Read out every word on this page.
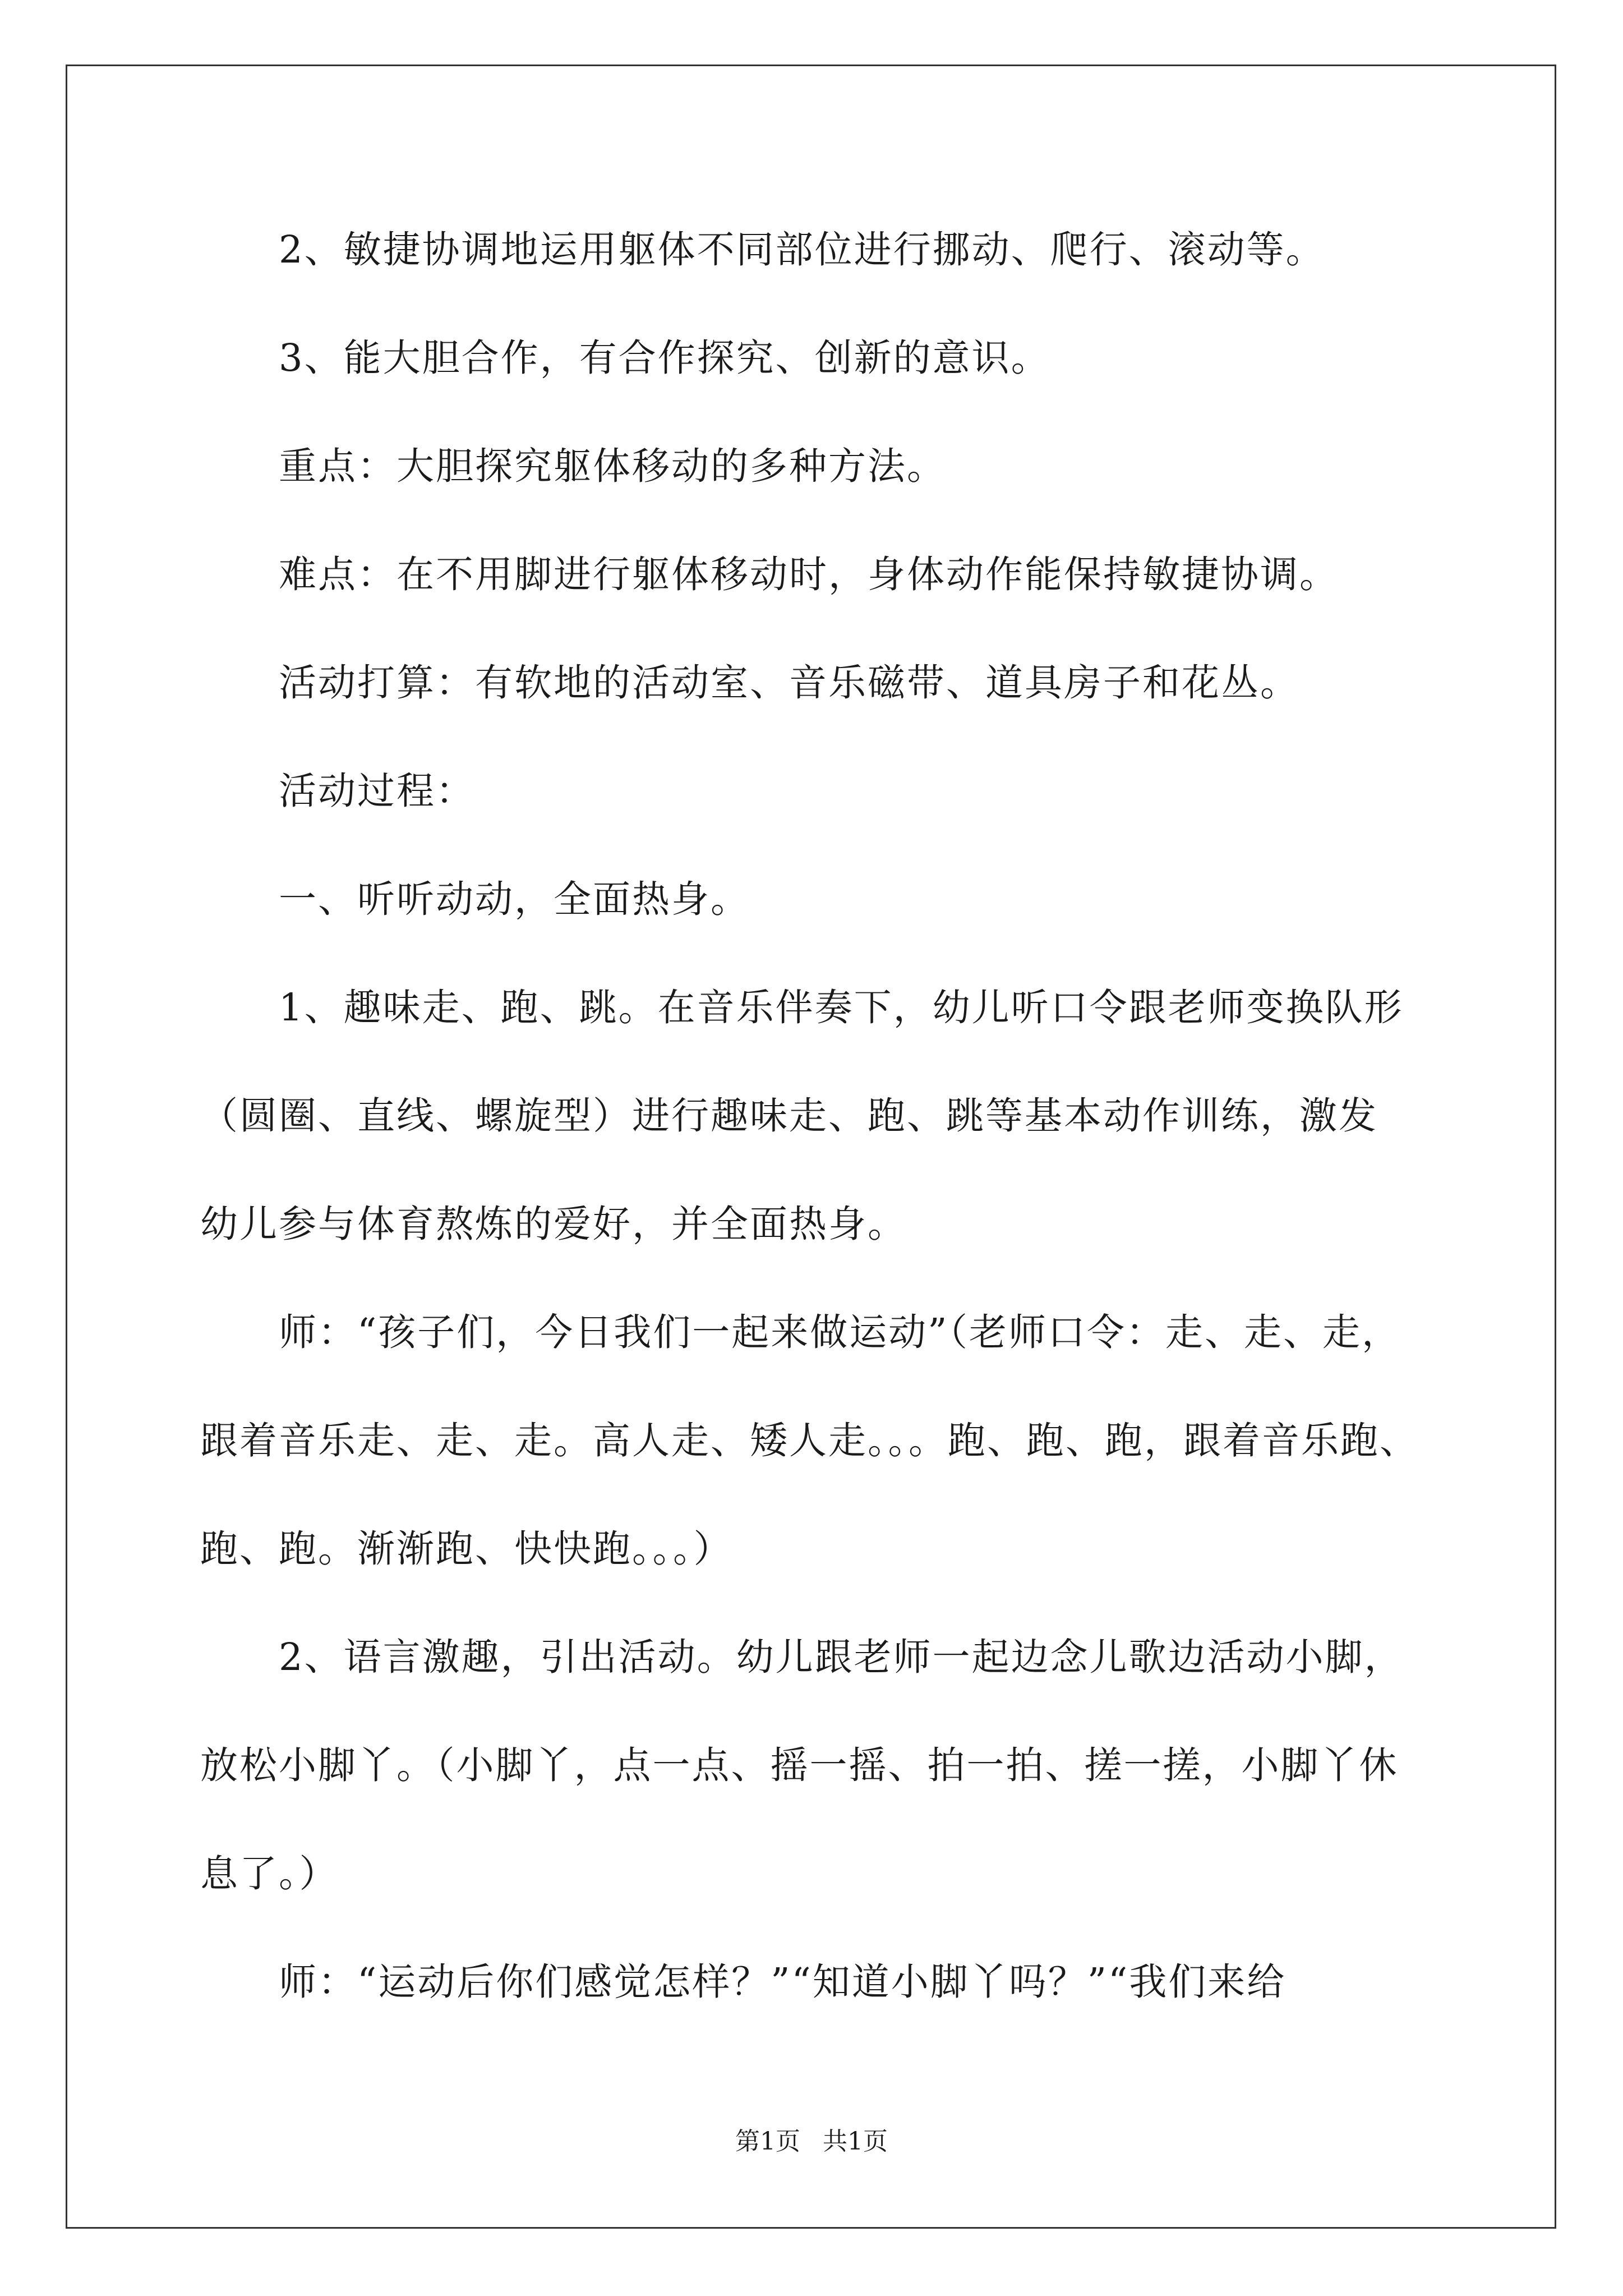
2、敏捷协调地运用躯体不同部位进行挪动、爬行、滚动等。
3、能大胆合作，有合作探究、创新的意识。
重点：大胆探究躯体移动的多种方法。
难点：在不用脚进行躯体移动时，身体动作能保持敏捷协调。
活动打算：有软地的活动室、音乐磁带、道具房子和花丛。
活动过程：
一、听听动动，全面热身。
1、趣味走、跑、跳。在音乐伴奏下，幼儿听口令跟老师变换队形
（圆圈、直线、螺旋型）进行趣味走、跑、跳等基本动作训练，激发
幼儿参与体育熬炼的爱好，并全面热身。
师：“孩子们，今日我们一起来做运动”（老师口令：走、走、走，
跟着音乐走、走、走。高人走、矮人走。。。跑、跑、跑，跟着音乐跑、
跑、跑。渐渐跑、快快跑。。。）
2、语言激趣，引出活动。幼儿跟老师一起边念儿歌边活动小脚，
放松小脚丫。（小脚丫，点一点、摇一摇、拍一拍、搓一搓，小脚丫休
息了。）
师：“运动后你们感觉怎样？”“知道小脚丫吗？”“我们来给
第1页 共1页
